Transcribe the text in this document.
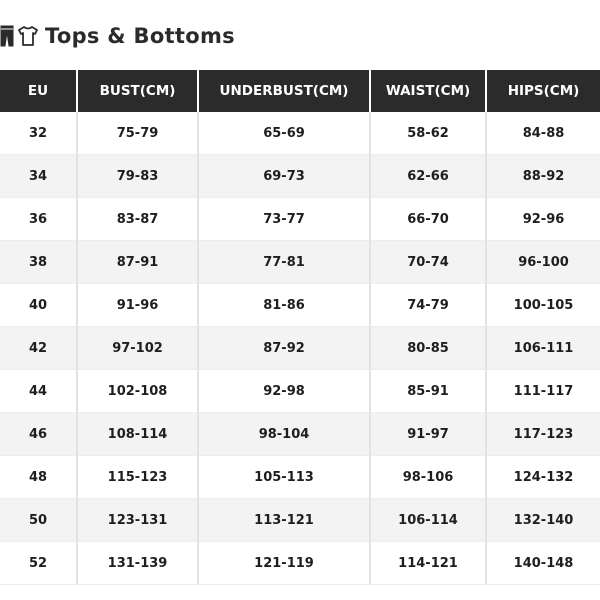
Tops & Bottoms
EU	BUST(CM)	UNDERBUST(CM)	WAIST(CM)	HIPS(CM)
32	75-79	65-69	58-62	84-88
34	79-83	69-73	62-66	88-92
36	83-87	73-77	66-70	92-96
38	87-91	77-81	70-74	96-100
40	91-96	81-86	74-79	100-105
42	97-102	87-92	80-85	106-111
44	102-108	92-98	85-91	111-117
46	108-114	98-104	91-97	117-123
48	115-123	105-113	98-106	124-132
50	123-131	113-121	106-114	132-140
52	131-139	121-119	114-121	140-148
